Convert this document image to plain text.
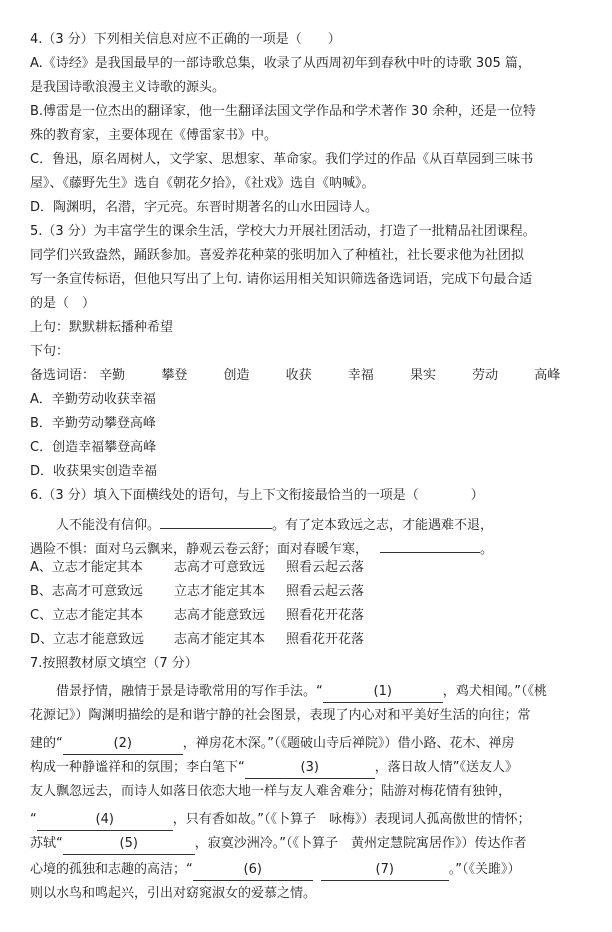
4.（3 分）下列相关信息对应不正确的一项是（　　）
A.《诗经》是我国最早的一部诗歌总集，收录了从西周初年到春秋中叶的诗歌 305 篇，
是我国诗歌浪漫主义诗歌的源头。
B.傅雷是一位杰出的翻译家，他一生翻译法国文学作品和学术著作 30 余种，还是一位特
殊的教育家，主要体现在《傅雷家书》中。
C．鲁迅，原名周树人，文学家、思想家、革命家。我们学过的作品《从百草园到三味书
屋》、《藤野先生》选自《朝花夕拾》，《社戏》选自《呐喊》。
D．陶渊明，名潜，字元亮。东晋时期著名的山水田园诗人。
5.（3 分）为丰富学生的课余生活，学校大力开展社团活动，打造了一批精品社团课程。
同学们兴致盎然，踊跃参加。喜爱养花种菜的张明加入了种植社，社长要求他为社团拟
写一条宣传标语，但他只写出了上句. 请你运用相关知识筛选备选词语，完成下句最合适
的是（　）
上句：默默耕耘播种希望
下句：
备选词语： 辛勤	攀登	创造	收获	幸福	果实	劳动	高峰
A．辛勤劳动收获幸福
B．辛勤劳动攀登高峰
C．创造幸福攀登高峰
D．收获果实创造幸福
6.（3 分）填入下面横线处的语句，与上下文衔接最恰当的一项是（　　　　）
人不能没有信仰。	。有了定本致远之志，才能遇难不退，
遇险不惧：面对乌云飘来，静观云卷云舒；面对春暖乍寒，	。
A、立志才能定其本 志高才可意致远 照看云起云落
B、志高才可意致远 立志才能定其本 照看云起云落
C、立志才能定其本 志高才能意致远 照看花开花落
D、立志才能意致远 志高才能定其本 照看花开花落
7.按照教材原文填空（7 分）
借景抒情，融情于景是诗歌常用的写作手法。“	(1)	，鸡犬相闻。”（《桃
花源记》）陶渊明描绘的是和谐宁静的社会图景，表现了内心对和平美好生活的向往；常
建的“	(2)	，禅房花木深。”（《题破山寺后禅院》）借小路、花木、禅房
构成一种静谧祥和的氛围；李白笔下“	(3)	，落日故人情”《送友人》
友人飘忽远去，而诗人如落日依恋大地一样与友人难舍难分；陆游对梅花情有独钟，
“	(4)	，只有香如故。”（《卜算子　咏梅》）表现词人孤高傲世的情怀；
苏轼“	(5)	，寂寞沙洲冷。”（《卜算子　黄州定慧院寓居作》）传达作者
心境的孤独和志趣的高洁；“	(6)	(7)	。”（《关雎》）
则以水鸟和鸣起兴，引出对窈窕淑女的爱慕之情。
